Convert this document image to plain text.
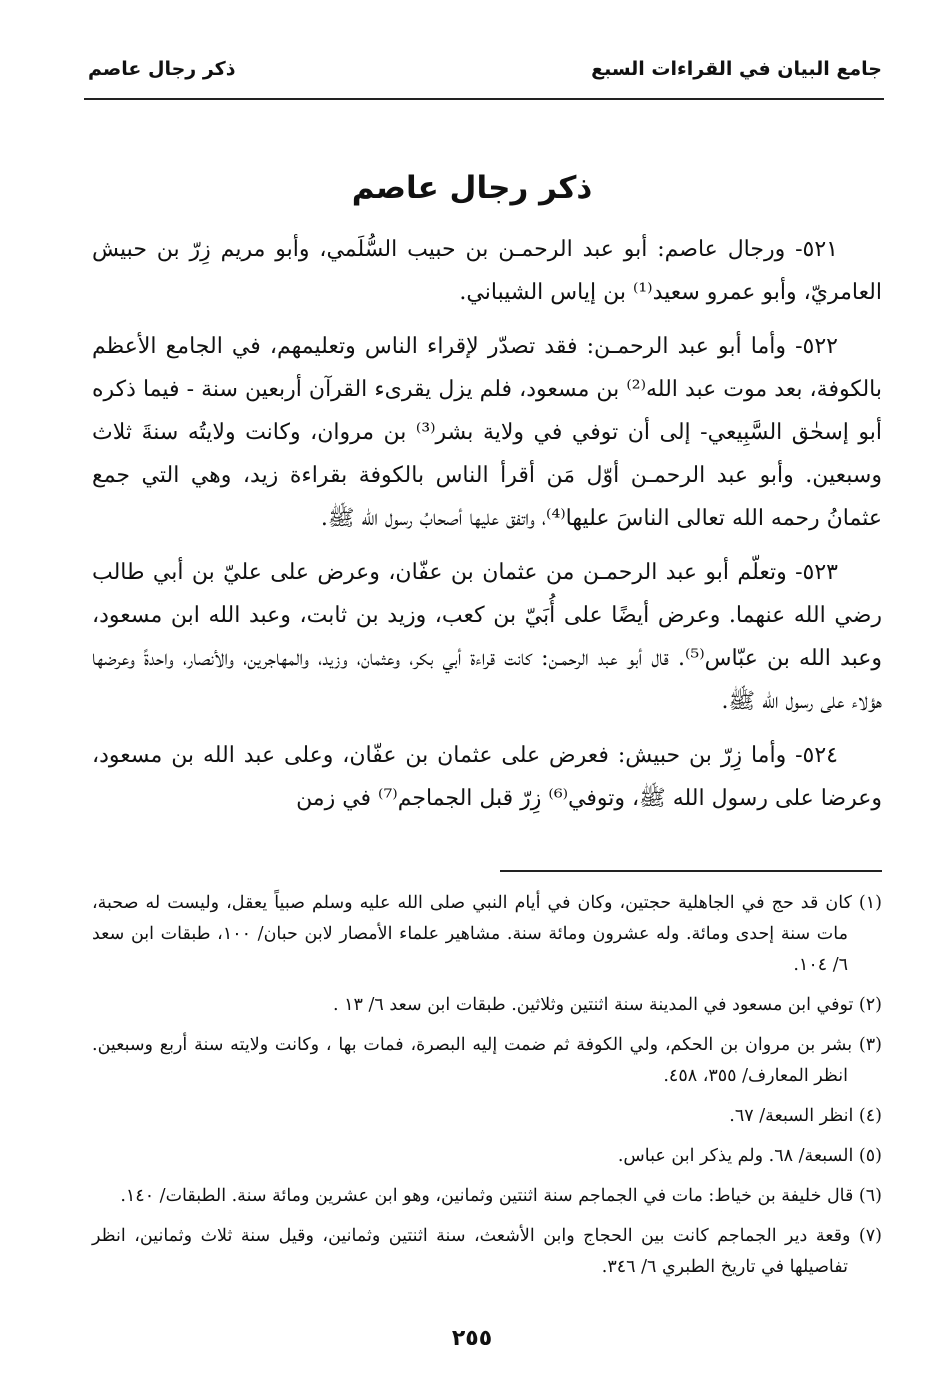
جامع البيان في القراءات السبع
ذكر رجال عاصم
ذكر رجال عاصم

٥٢١- ورجال عاصم: أبو عبد الرحمـن بن حبيب السُّلَمي، وأبو مريم زِرّ بن حبيش العامريّ، وأبو عمرو سعيد⁽¹⁾ بن إياس الشيباني.

٥٢٢- وأما أبو عبد الرحمـن: فقد تصدّر لإقراء الناس وتعليمهم، في الجامع الأعظم بالكوفة، بعد موت عبد الله⁽²⁾ بن مسعود، فلم يزل يقرىء القرآن أربعين سنة - فيما ذكره أبو إسحٰق السَّبِيعي- إلى أن توفي في ولاية بشر⁽³⁾ بن مروان، وكانت ولايتُه سنةَ ثلاث وسبعين. وأبو عبد الرحمـن أوّل مَن أقرأ الناس بالكوفة بقراءة زيد، وهي التي جمع عثمانُ رحمه الله تعالى الناسَ عليها⁽⁴⁾، واتفق عليها أصحابُ رسول الله ﷺ.

٥٢٣- وتعلّم أبو عبد الرحمـن من عثمان بن عفّان، وعرض على عليّ بن أبي طالب رضي الله عنهما. وعرض أيضًا على أُبَيّ بن كعب، وزيد بن ثابت، وعبد الله ابن مسعود، وعبد الله بن عبّاس⁽⁵⁾. قال أبو عبد الرحمـن: كانت قراءة أبي بكر، وعثمان، وزيد، والمهاجرين، والأنصار، واحدةً وعرضها هؤلاء على رسول الله ﷺ.

٥٢٤- وأما زِرّ بن حبيش: فعرض على عثمان بن عفّان، وعلى عبد الله بن مسعود، وعرضا على رسول الله ﷺ، وتوفي⁽⁶⁾ زِرّ قبل الجماجم⁽⁷⁾ في زمن

(١) كان قد حج في الجاهلية حجتين، وكان في أيام النبي صلى الله عليه وسلم صبياً يعقل، وليست له صحبة، مات سنة إحدى ومائة. وله عشرون ومائة سنة. مشاهير علماء الأمصار لابن حبان/ ١٠٠، طبقات ابن سعد ٦/ ١٠٤.
(٢) توفي ابن مسعود في المدينة سنة اثنتين وثلاثين. طبقات ابن سعد ٦/ ١٣ .
(٣) بشر بن مروان بن الحكم، ولي الكوفة ثم ضمت إليه البصرة، فمات بها ، وكانت ولايته سنة أربع وسبعين. انظر المعارف/ ٣٥٥، ٤٥٨.
(٤) انظر السبعة/ ٦٧.
(٥) السبعة/ ٦٨. ولم يذكر ابن عباس.
(٦) قال خليفة بن خياط: مات في الجماجم سنة اثنتين وثمانين، وهو ابن عشرين ومائة سنة. الطبقات/ ١٤٠.
(٧) وقعة دير الجماجم كانت بين الحجاج وابن الأشعث، سنة اثنتين وثمانين، وقيل سنة ثلاث وثمانين، انظر تفاصيلها في تاريخ الطبري ٦/ ٣٤٦.
٢٥٥
